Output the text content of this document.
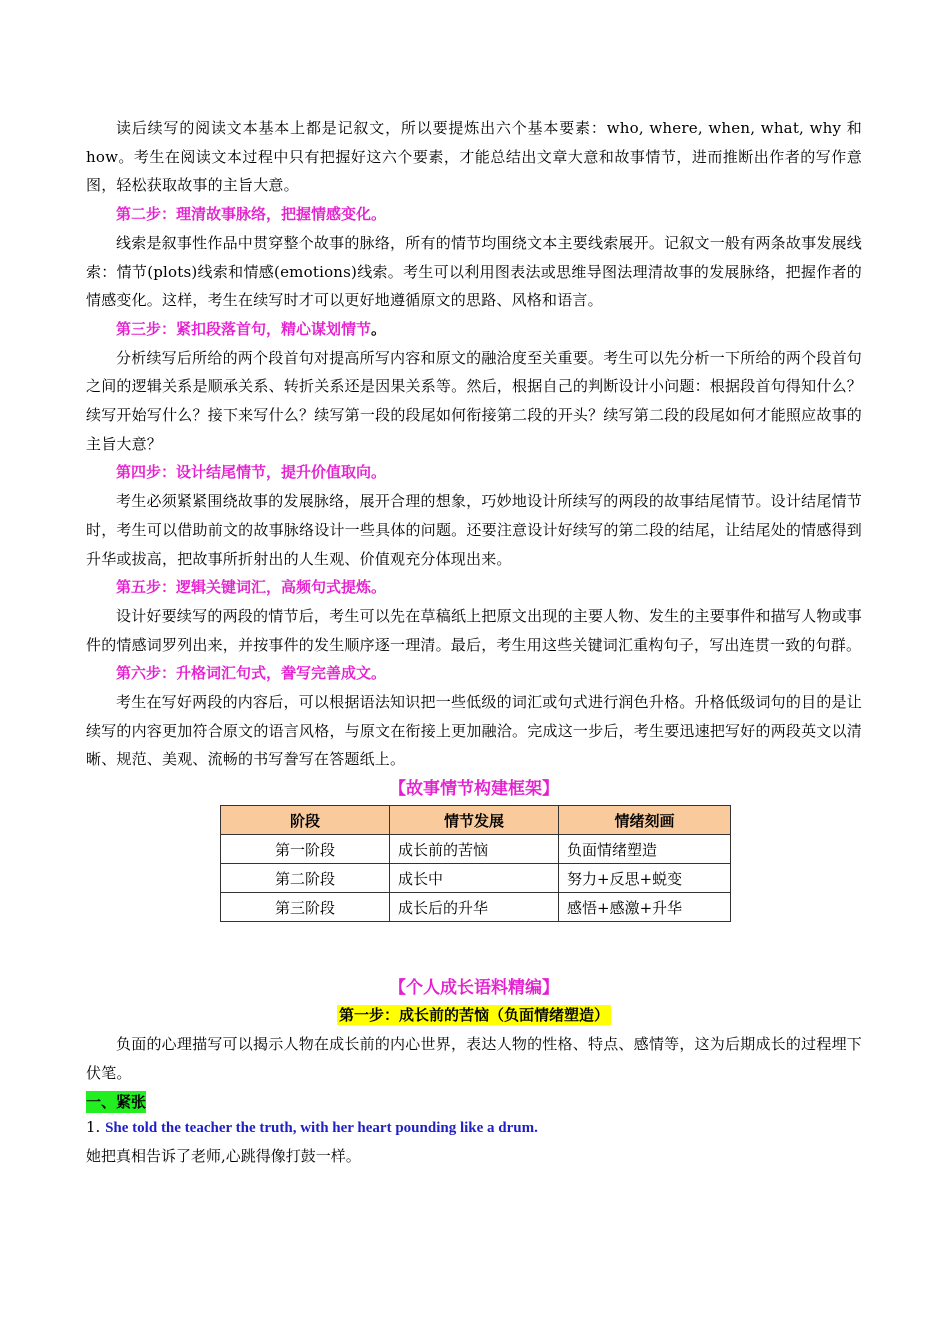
读后续写的阅读文本基本上都是记叙文，所以要提炼出六个基本要素：who, where, when, what, why 和 how。考生在阅读文本过程中只有把握好这六个要素，才能总结出文章大意和故事情节，进而推断出作者的写作意图，轻松获取故事的主旨大意。

第二步：理清故事脉络，把握情感变化。

线索是叙事性作品中贯穿整个故事的脉络，所有的情节均围绕文本主要线索展开。记叙文一般有两条故事发展线索：情节(plots)线索和情感(emotions)线索。考生可以利用图表法或思维导图法理清故事的发展脉络，把握作者的情感变化。这样，考生在续写时才可以更好地遵循原文的思路、风格和语言。

第三步：紧扣段落首句，精心谋划情节。

分析续写后所给的两个段首句对提高所写内容和原文的融洽度至关重要。考生可以先分析一下所给的两个段首句之间的逻辑关系是顺承关系、转折关系还是因果关系等。然后，根据自己的判断设计小问题：根据段首句得知什么？续写开始写什么？接下来写什么？续写第一段的段尾如何衔接第二段的开头？续写第二段的段尾如何才能照应故事的主旨大意？

第四步：设计结尾情节，提升价值取向。

考生必须紧紧围绕故事的发展脉络，展开合理的想象，巧妙地设计所续写的两段的故事结尾情节。设计结尾情节时，考生可以借助前文的故事脉络设计一些具体的问题。还要注意设计好续写的第二段的结尾，让结尾处的情感得到升华或拔高，把故事所折射出的人生观、价值观充分体现出来。

第五步：逻辑关键词汇，高频句式提炼。

设计好要续写的两段的情节后，考生可以先在草稿纸上把原文出现的主要人物、发生的主要事件和描写人物或事件的情感词罗列出来，并按事件的发生顺序逐一理清。最后，考生用这些关键词汇重构句子，写出连贯一致的句群。

第六步：升格词汇句式，誊写完善成文。

考生在写好两段的内容后，可以根据语法知识把一些低级的词汇或句式进行润色升格。升格低级词句的目的是让续写的内容更加符合原文的语言风格，与原文在衔接上更加融洽。完成这一步后，考生要迅速把写好的两段英文以清晰、规范、美观、流畅的书写誊写在答题纸上。

【故事情节构建框架】
阶段	情节发展	情绪刻画
第一阶段	成长前的苦恼	负面情绪塑造
第二阶段	成长中	努力+反思+蜕变
第三阶段	成长后的升华	感悟+感激+升华
【个人成长语料精编】
第一步：成长前的苦恼（负面情绪塑造）

负面的心理描写可以揭示人物在成长前的内心世界，表达人物的性格、特点、感情等，这为后期成长的过程埋下伏笔。

一、紧张

1. She told the teacher the truth, with her heart pounding like a drum.

她把真相告诉了老师,心跳得像打鼓一样。
